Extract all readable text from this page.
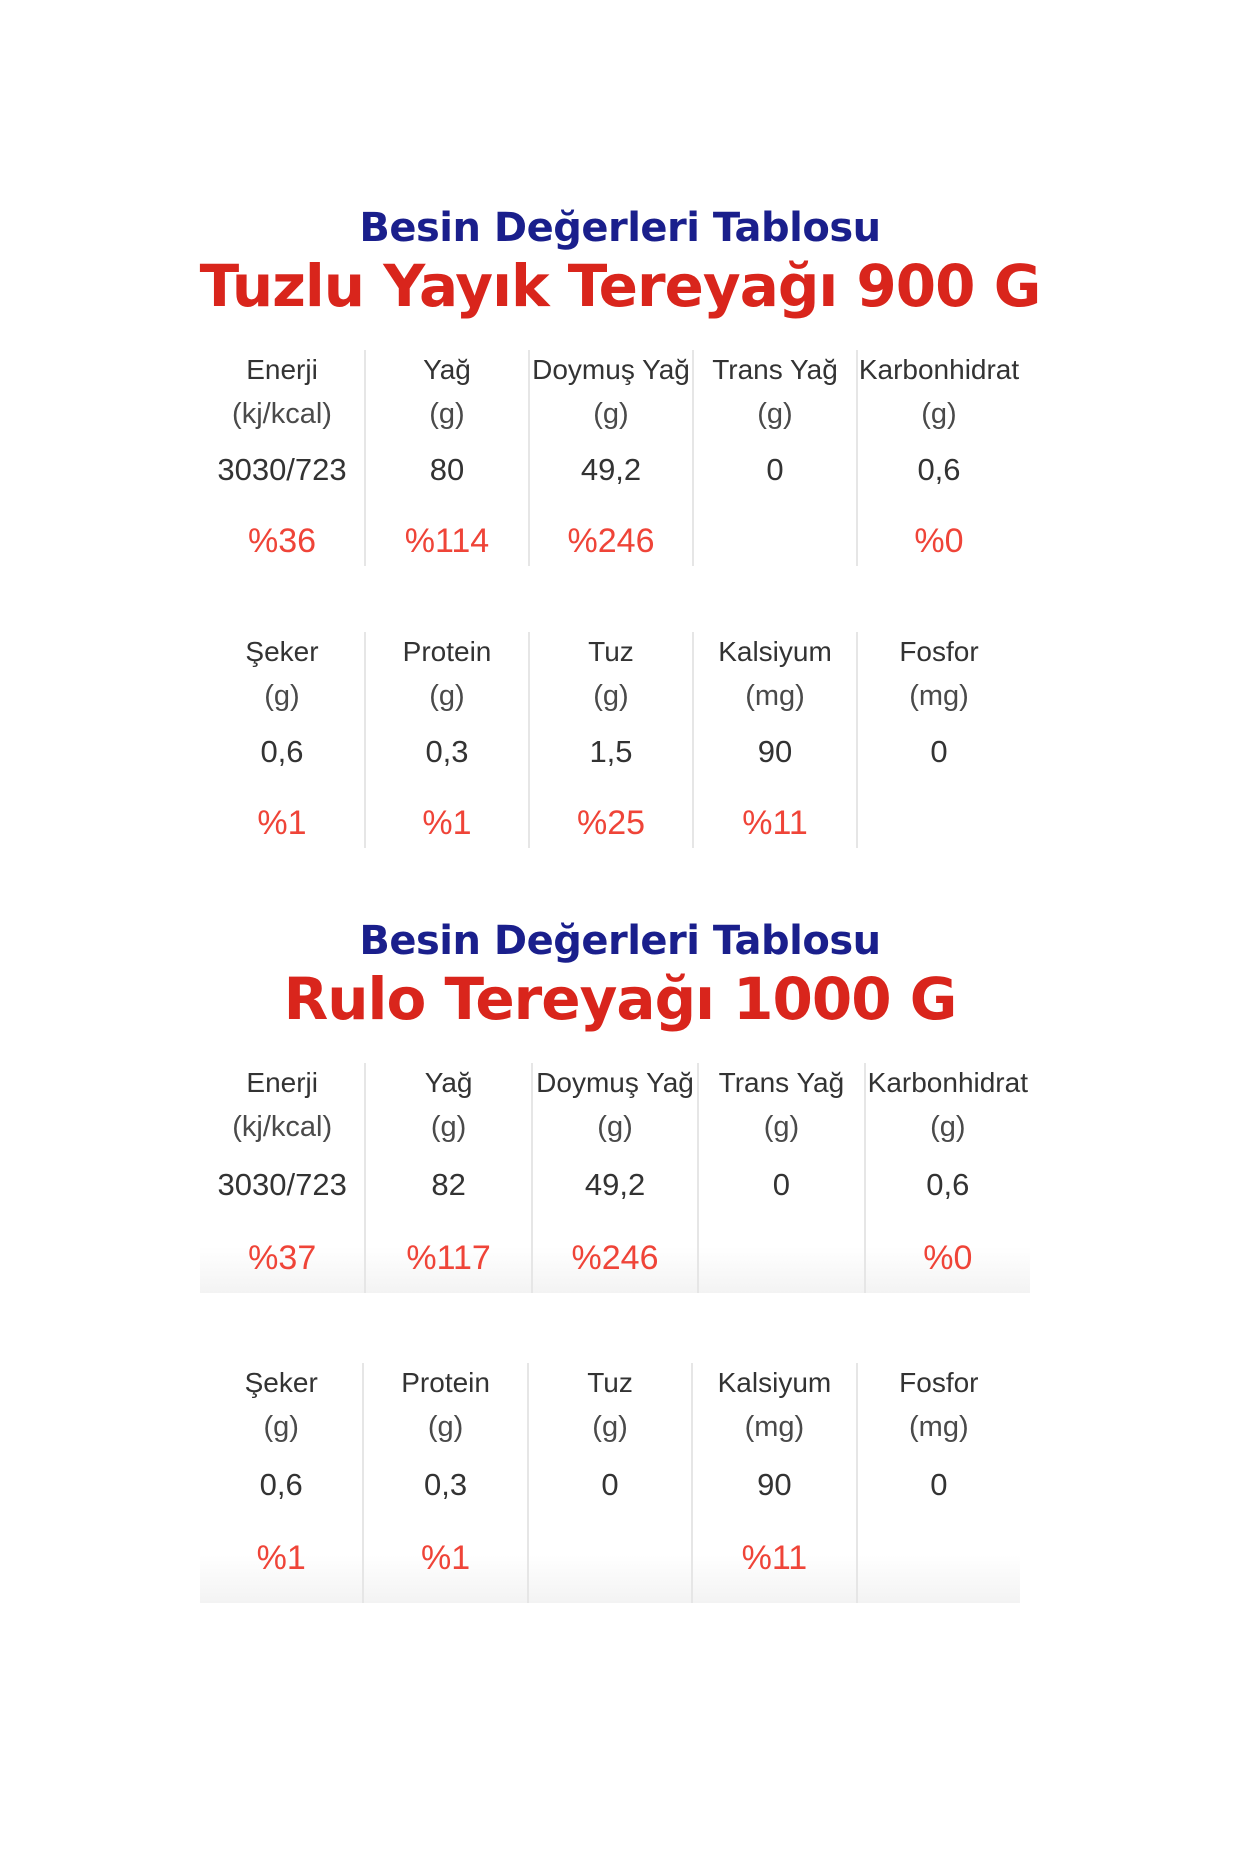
Besin Değerleri Tablosu
Tuzlu Yayık Tereyağı 900 G
Enerji
(kj/kcal)
3030/723
%36
Yağ
(g)
80
%114
Doymuş Yağ
(g)
49,2
%246
Trans Yağ
(g)
0
Karbonhidrat
(g)
0,6
%0
Şeker
(g)
0,6
%1
Protein
(g)
0,3
%1
Tuz
(g)
1,5
%25
Kalsiyum
(mg)
90
%11
Fosfor
(mg)
0
Besin Değerleri Tablosu
Rulo Tereyağı 1000 G
Enerji
(kj/kcal)
3030/723
%37
Yağ
(g)
82
%117
Doymuş Yağ
(g)
49,2
%246
Trans Yağ
(g)
0
Karbonhidrat
(g)
0,6
%0
Şeker
(g)
0,6
%1
Protein
(g)
0,3
%1
Tuz
(g)
0
Kalsiyum
(mg)
90
%11
Fosfor
(mg)
0
